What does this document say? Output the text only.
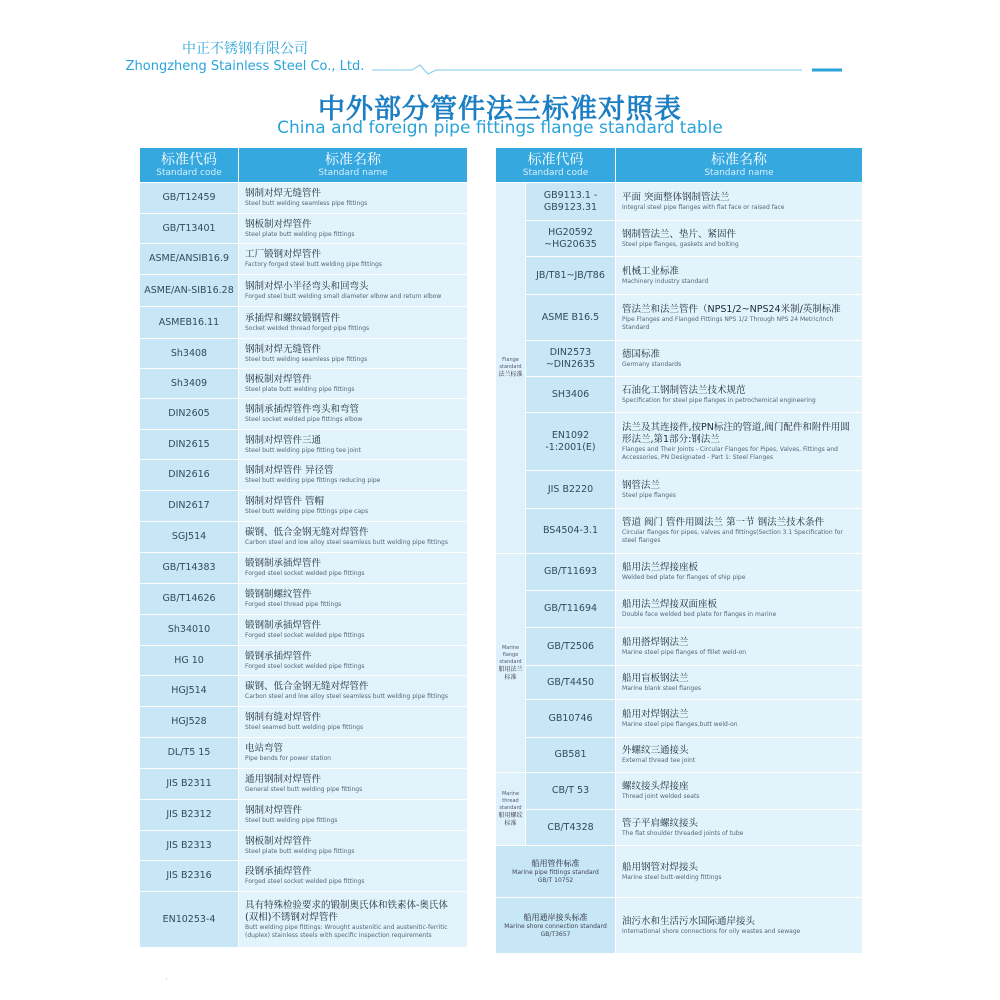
中正不锈钢有限公司
Zhongzheng Stainless Steel Co., Ltd.
中外部分管件法兰标准对照表
China and foreign pipe fittings flange standard table
标准代码
Standard code	标准名称
Standard name

GB/T12459	钢制对焊无缝管件
Steel butt welding seamless pipe fittings

GB/T13401	钢板制对焊管件
Steel plate butt welding pipe fittings

ASME/ANSIB16.9	工厂锻钢对焊管件
Factory forged steel butt welding pipe fittings

ASME/AN-SIB16.28	钢制对焊小半径弯头和回弯头
Forged steel butt welding small diameter elbow and return elbow

ASMEB16.11	承插焊和螺纹锻钢管件
Socket welded thread forged pipe fittings

Sh3408	钢制对焊无缝管件
Steel butt welding seamless pipe fittings

Sh3409	钢板制对焊管件
Steel plate butt welding pipe fittings

DIN2605	钢制承插焊管件弯头和弯管
Steel socket welded pipe fittings elbow

DIN2615	钢制对焊管件三通
Steel butt welding pipe fitting tee joint

DIN2616	钢制对焊管件 异径管
Steel butt welding pipe fittings reducing pipe

DIN2617	钢制对焊管件 管帽
Steel butt welding pipe fittings pipe caps

SGJ514	碳钢、低合金钢无缝对焊管件
Carbon steel and low alloy steel seamless butt welding pipe fittings

GB/T14383	锻钢制承插焊管件
Forged steel socket welded pipe fittings

GB/T14626	锻钢制螺纹管件
Forged steel thread pipe fittings

Sh34010	锻钢制承插焊管件
Forged steel socket welded pipe fittings

HG 10	锻钢承插焊管件
Forged steel socket welded pipe fittings

HGJ514	碳钢、低合金钢无缝对焊管件
Carbon steel and low alloy steel seamless butt welding pipe fittings

HGJ528	钢制有缝对焊管件
Steel seamed butt welding pipe fittings

DL/T5 15	电站弯管
Pipe bends for power station

JIS B2311	通用钢制对焊管件
General steel butt welding pipe fittings

JIS B2312	钢制对焊管件
Steel butt welding pipe fittings

JIS B2313	钢板制对焊管件
Steel plate butt welding pipe fittings

JIS B2316	段钢承插焊管件
Forged steel socket welded pipe fittings

EN10253-4	具有特殊检验要求的锻制奥氏体和铁素体-奥氏体(双相)不锈钢对焊管件
Butt welding pipe fittings: Wrought austenitic and austenitic-ferritic (duplex) stainless steels with specific inspection requirements
标准代码
Standard code		标准名称
Standard name

Flange standard
法兰标准	GB9113.1 -GB9123.31	平面 突面整体钢制管法兰
Integral steel pipe flanges with flat face or raised face

	HG20592 ~HG20635	钢制管法兰、垫片、紧固件
Steel pipe flanges, gaskets and bolting

	JB/T81~JB/T86	机械工业标准
Machinery industry standard

	ASME B16.5	管法兰和法兰管件（NPS1/2~NPS24米制/英制标准
Pipe Flanges and Flanged Fittings NPS 1/2 Through NPS 24 Metric/Inch Standard

	DIN2573 ~DIN2635	德国标准
Germany standards

	SH3406	石油化工钢制管法兰技术规范
Specification for steel pipe flanges in petrochemical engineering

	EN1092 -1:2001(E)	法兰及其连接件,按PN标注的管道,阀门配件和附件用圆形法兰,第1部分:钢法兰
Flanges and Their Joints - Circular Flanges for Pipes, Valves, Fittings and Accessories, PN Designated - Part 1: Steel Flanges

	JIS B2220	钢管法兰
Steel pipe flanges

	BS4504-3.1	管道 阀门 管件用圆法兰 第一节 钢法兰技术条件
Circular flanges for pipes, valves and fittings(Section 3.1 Specification for steel flanges

Marine flange standard
船用法兰标准	GB/T11693	船用法兰焊接座板
Welded bed plate for flanges of ship pipe

	GB/T11694	船用法兰焊接双面座板
Double face welded bed plate for flanges in marine

	GB/T2506	船用搭焊钢法兰
Marine steel pipe flanges of fillet weld-on

	GB/T4450	船用盲板钢法兰
Marine blank steel flanges

	GB10746	船用对焊钢法兰
Marine steel pipe flanges,butt weld-on

	GB581	外螺纹三通接头
External thread tee joint

Marine thread standard
船用螺纹标准	CB/T 53	螺纹接头焊接座
Thread joint welded seats

	CB/T4328	管子平肩螺纹接头
The flat shoulder threaded joints of tube

船用管件标准
Marine pipe fittings standard
GB/T 10752		船用钢管对焊接头
Marine steel butt-welding fittings

船用通岸接头标准
Marine shore connection standard
GB/T3657		油污水和生活污水国际通岸接头
International shore connections for oily wastes and sewage
·
